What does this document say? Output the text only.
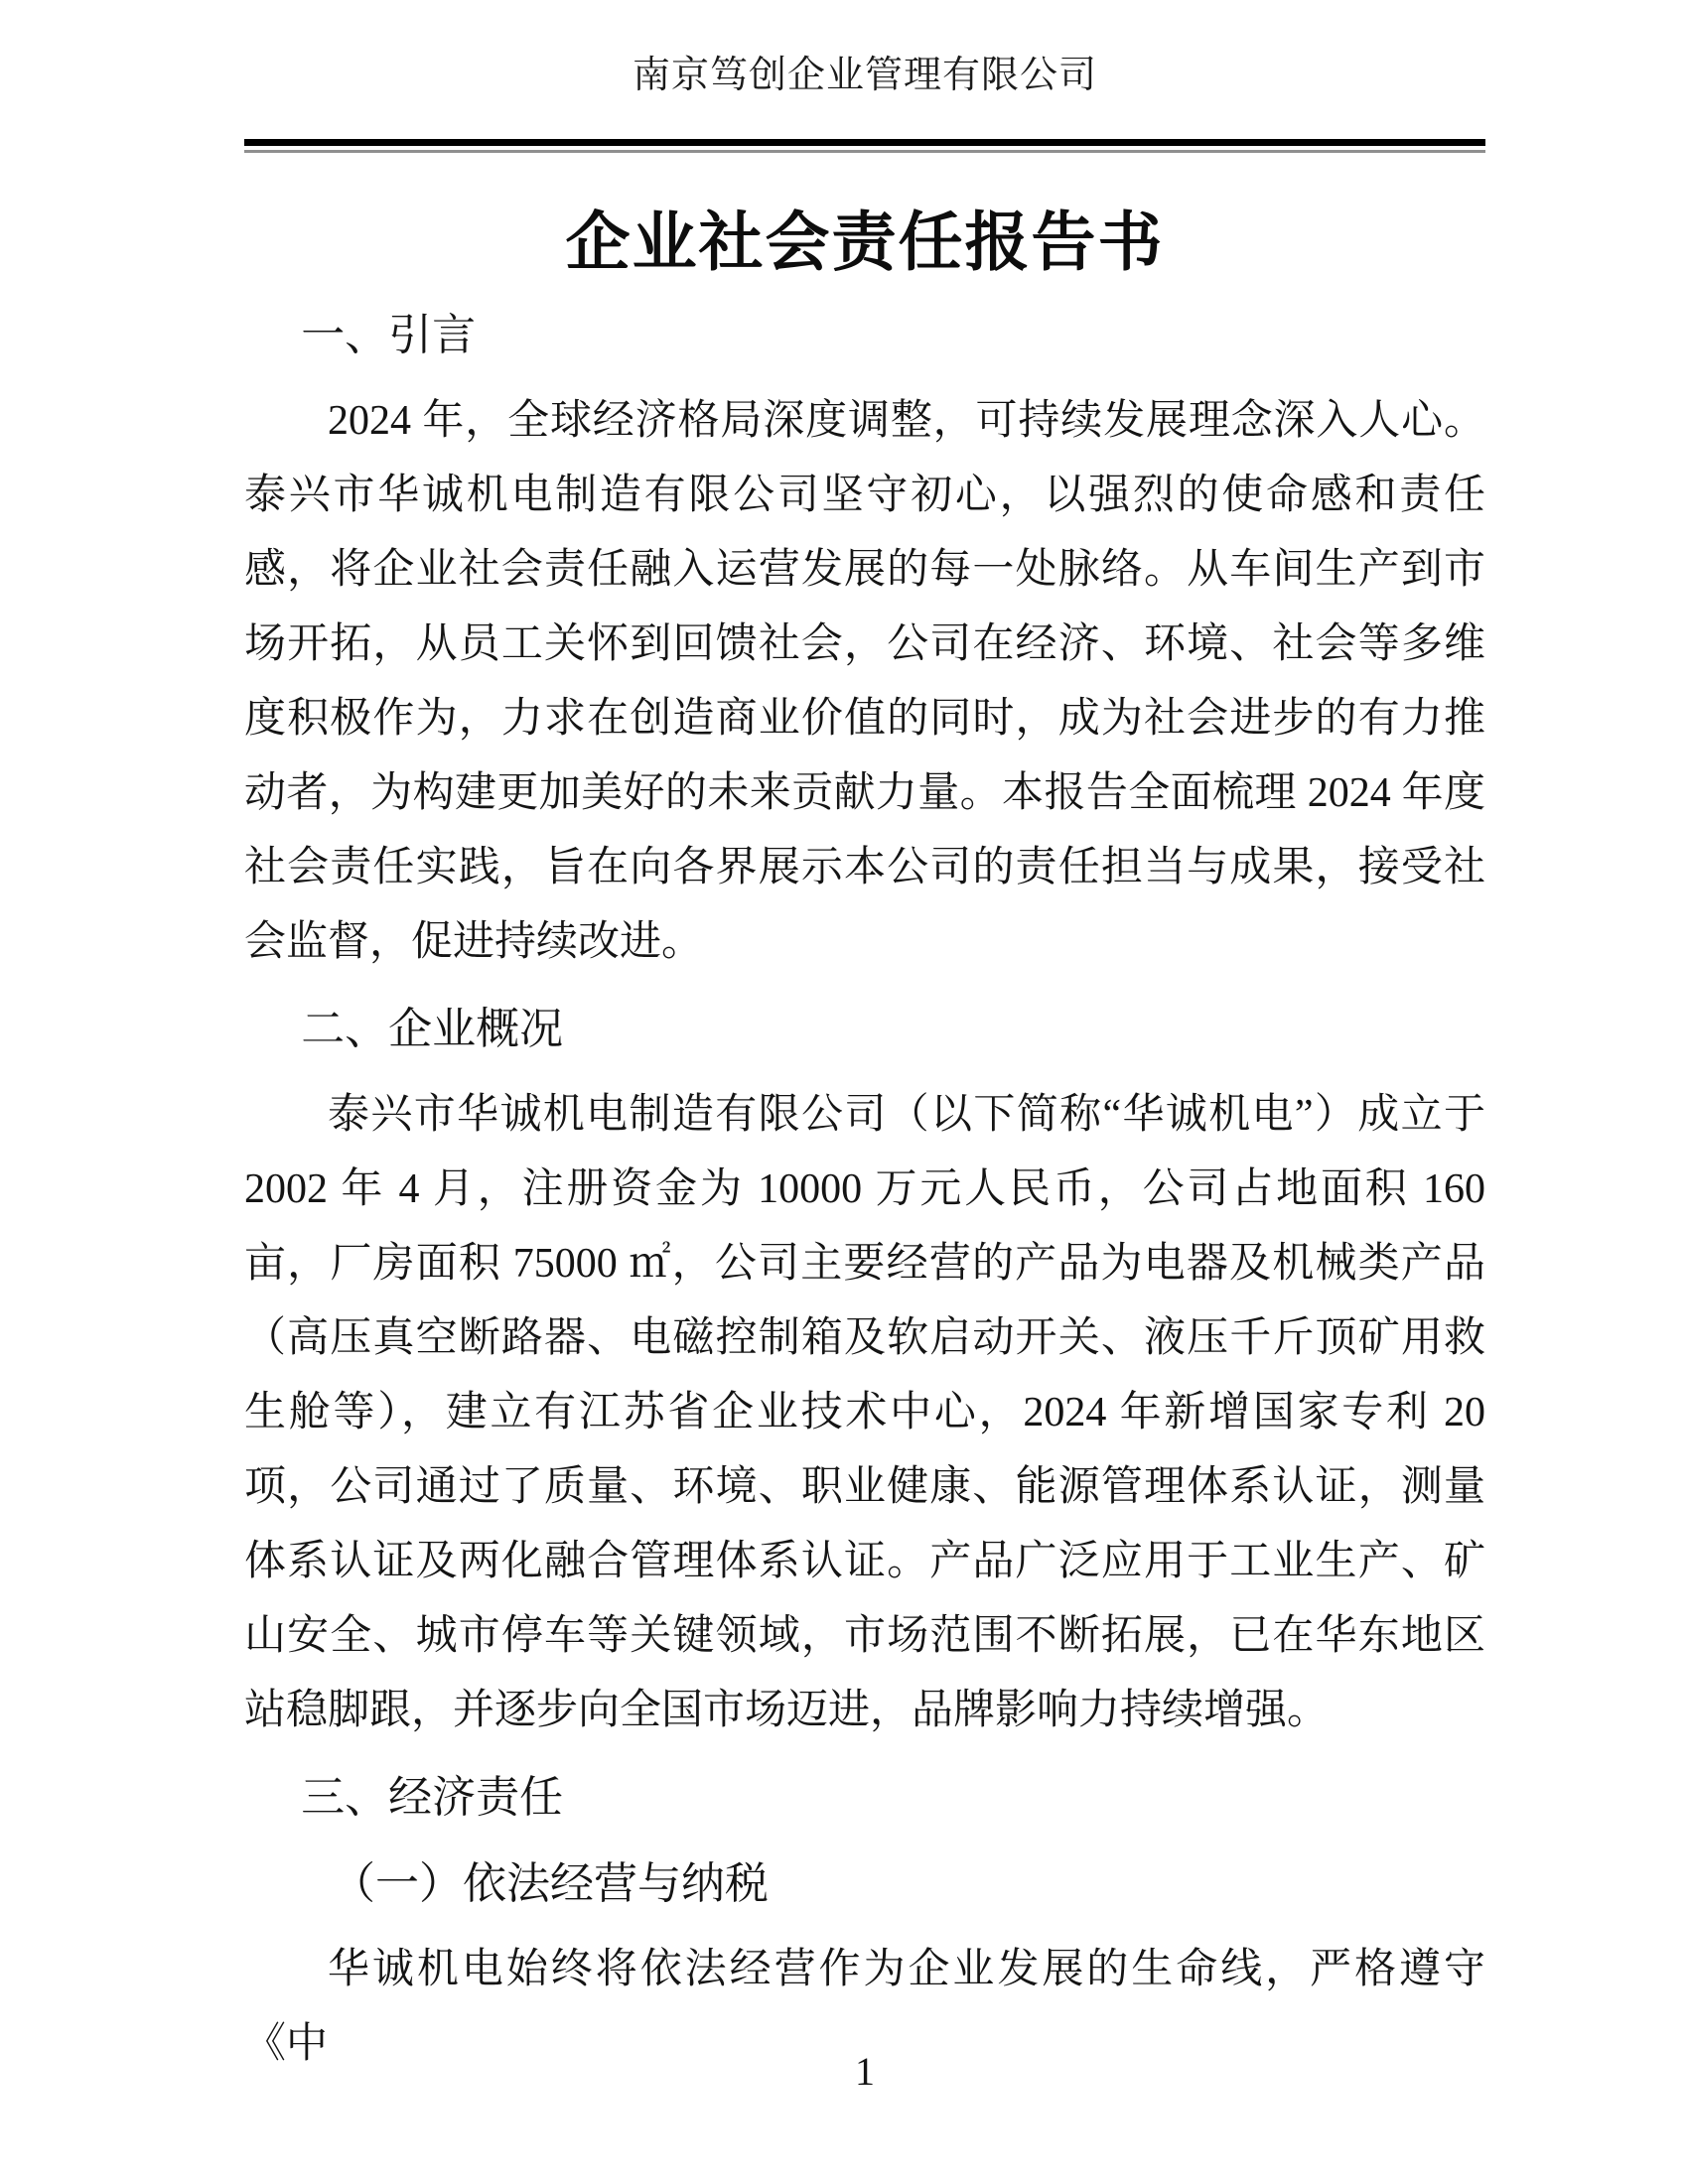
南京笃创企业管理有限公司
企业社会责任报告书
一、引言

2024 年，全球经济格局深度调整，可持续发展理念深入人心。泰兴市华诚机电制造有限公司坚守初心，以强烈的使命感和责任感，将企业社会责任融入运营发展的每一处脉络。从车间生产到市场开拓，从员工关怀到回馈社会，公司在经济、环境、社会等多维度积极作为，力求在创造商业价值的同时，成为社会进步的有力推动者，为构建更加美好的未来贡献力量。本报告全面梳理 2024 年度社会责任实践，旨在向各界展示本公司的责任担当与成果，接受社会监督，促进持续改进。

二、企业概况

泰兴市华诚机电制造有限公司（以下简称“华诚机电”）成立于 2002 年 4 月，注册资金为 10000 万元人民币，公司占地面积 160 亩，厂房面积 75000 ㎡，公司主要经营的产品为电器及机械类产品（高压真空断路器、电磁控制箱及软启动开关、液压千斤顶矿用救生舱等），建立有江苏省企业技术中心，2024 年新增国家专利 20 项，公司通过了质量、环境、职业健康、能源管理体系认证，测量体系认证及两化融合管理体系认证。产品广泛应用于工业生产、矿山安全、城市停车等关键领域，市场范围不断拓展，已在华东地区站稳脚跟，并逐步向全国市场迈进，品牌影响力持续增强。

三、经济责任
（一）依法经营与纳税

华诚机电始终将依法经营作为企业发展的生命线，严格遵守《中

1
